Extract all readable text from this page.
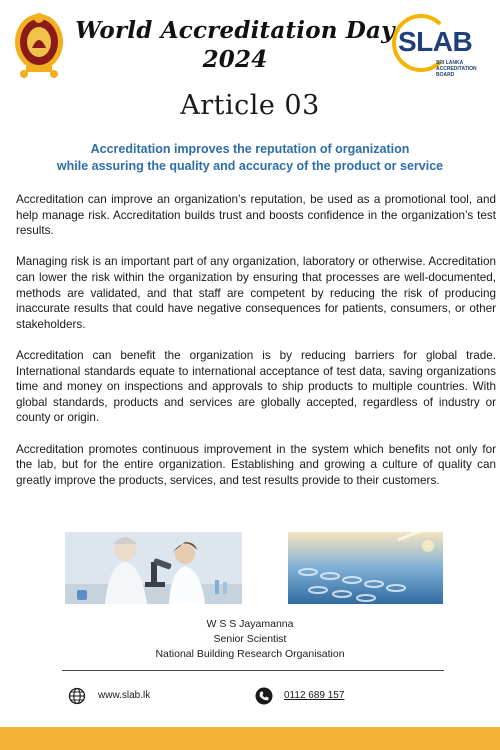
World Accreditation Day
2024
SLAB
SRI LANKA ACCREDITATION BOARD
Article 03
Accreditation improves the reputation of organization
while assuring the quality and accuracy of the product or service

Accreditation can improve an organization’s reputation, be used as a promotional tool, and help manage risk. Accreditation builds trust and boosts confidence in the organization’s test results.

Managing risk is an important part of any organization, laboratory or otherwise. Accreditation can lower the risk within the organization by ensuring that processes are well-documented, methods are validated, and that staff are competent by reducing the risk of producing inaccurate results that could have negative consequences for patients, consumers, or other stakeholders.

Accreditation can benefit the organization is by reducing barriers for global trade. International standards equate to international acceptance of test data, saving organizations time and money on inspections and approvals to ship products to multiple countries. With global standards, products and services are globally accepted, regardless of industry or county or origin.

Accreditation promotes continuous improvement in the system which benefits not only for the lab, but for the entire organization. Establishing and growing a culture of quality can greatly improve the products, services, and test results provide to their customers.

W S S Jayamanna
Senior Scientist
National Building Research Organisation
www.slab.lk	0112 689 157
